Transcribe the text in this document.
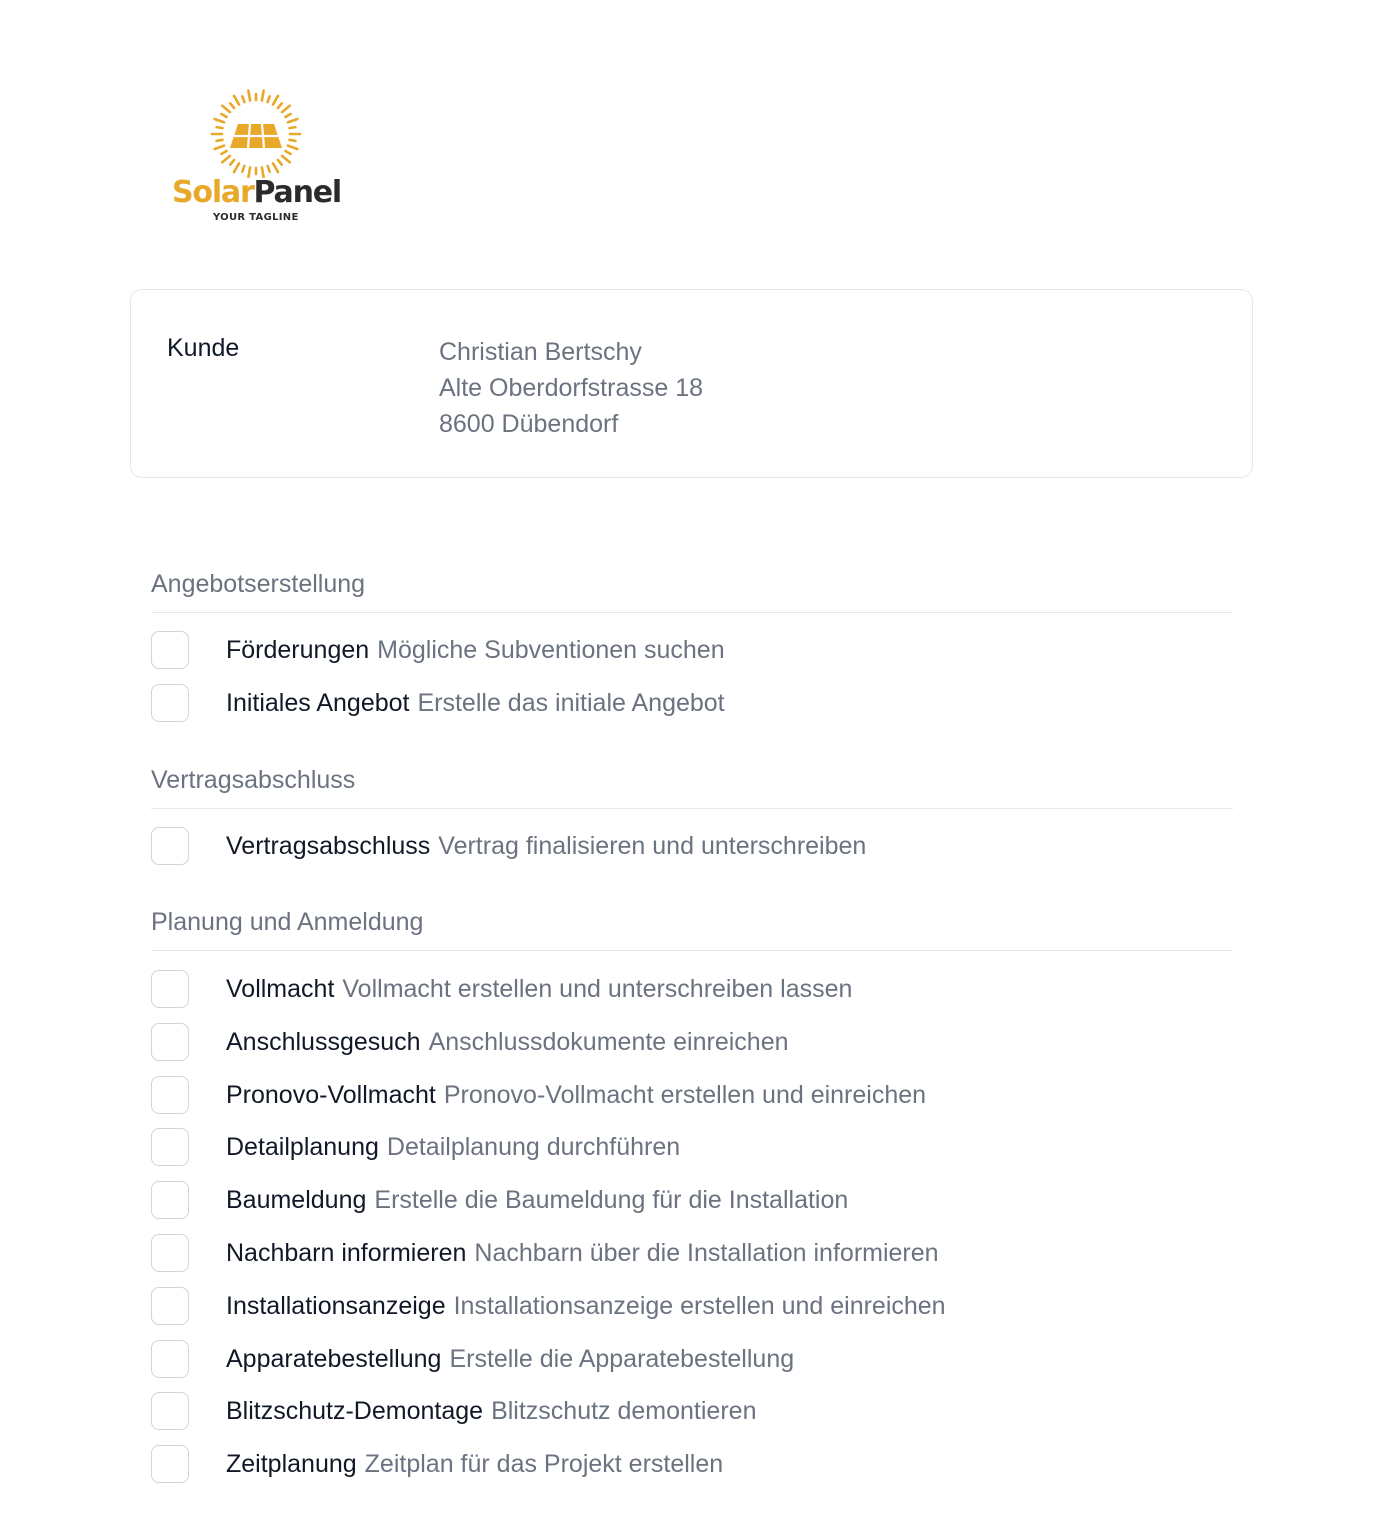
SolarPanel
YOUR TAGLINE
Kunde	Christian Bertschy
Alte Oberdorfstrasse 18
8600 Dübendorf
Angebotserstellung
Förderungen Mögliche Subventionen suchen
Initiales Angebot Erstelle das initiale Angebot
Vertragsabschluss
Vertragsabschluss Vertrag finalisieren und unterschreiben
Planung und Anmeldung
Vollmacht Vollmacht erstellen und unterschreiben lassen
Anschlussgesuch Anschlussdokumente einreichen
Pronovo-Vollmacht Pronovo-Vollmacht erstellen und einreichen
Detailplanung Detailplanung durchführen
Baumeldung Erstelle die Baumeldung für die Installation
Nachbarn informieren Nachbarn über die Installation informieren
Installationsanzeige Installationsanzeige erstellen und einreichen
Apparatebestellung Erstelle die Apparatebestellung
Blitzschutz-Demontage Blitzschutz demontieren
Zeitplanung Zeitplan für das Projekt erstellen
